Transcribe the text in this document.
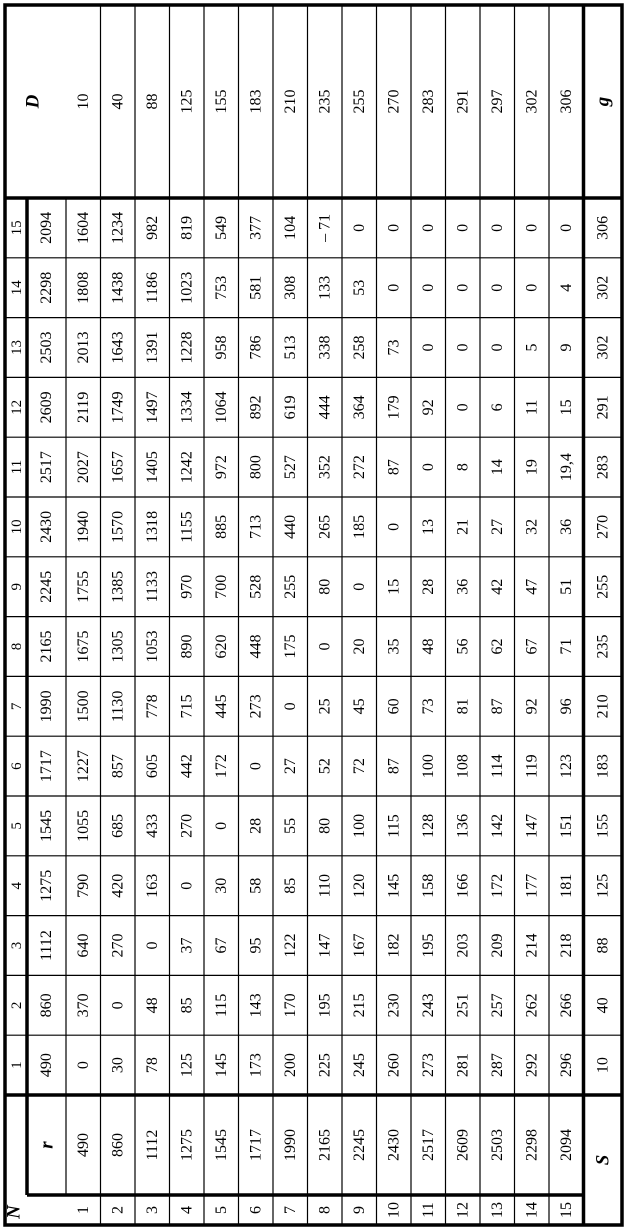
N
r
S
D	g
1
2
3
4
5
6
7
8
9
10
11
12
13
14
15
490
860
1112
1275
1545
1717
1990
2165
2245
2430
2517
2609
2503
2298
2094
1
490
0
370
640
790
1055
1227
1500
1675
1755
1940
2027
2119
2013
1808
1604
10
2
860
30
0
270
420
685
857
1130
1305
1385
1570
1657
1749
1643
1438
1234
40
3
1112
78
48
0
163
433
605
778
1053
1133
1318
1405
1497
1391
1186
982
88
4
1275
125
85
37
0
270
442
715
890
970
1155
1242
1334
1228
1023
819
125
5
1545
145
115
67
30
0
172
445
620
700
885
972
1064
958
753
549
155
6
1717
173
143
95
58
28
0
273
448
528
713
800
892
786
581
377
183
7
1990
200
170
122
85
55
27
0
175
255
440
527
619
513
308
104
210
8
2165
225
195
147
110
80
52
25
0
80
265
352
444
338
133
– 71
235
9
2245
245
215
167
120
100
72
45
20
0
185
272
364
258
53
0
255
10
2430
260
230
182
145
115
87
60
35
15
0
87
179
73
0
0
270
11
2517
273
243
195
158
128
100
73
48
28
13
0
92
0
0
0
283
12
2609
281
251
203
166
136
108
81
56
36
21
8
0
0
0
0
291
13
2503
287
257
209
172
142
114
87
62
42
27
14
6
0
0
0
297
14
2298
292
262
214
177
147
119
92
67
47
32
19
11
5
0
0
302
15
2094
296
266
218
181
151
123
96
71
51
36
19,4
15
9
4
0
306
10
40
88
125
155
183
210
235
255
270
283
291
302
302
306
